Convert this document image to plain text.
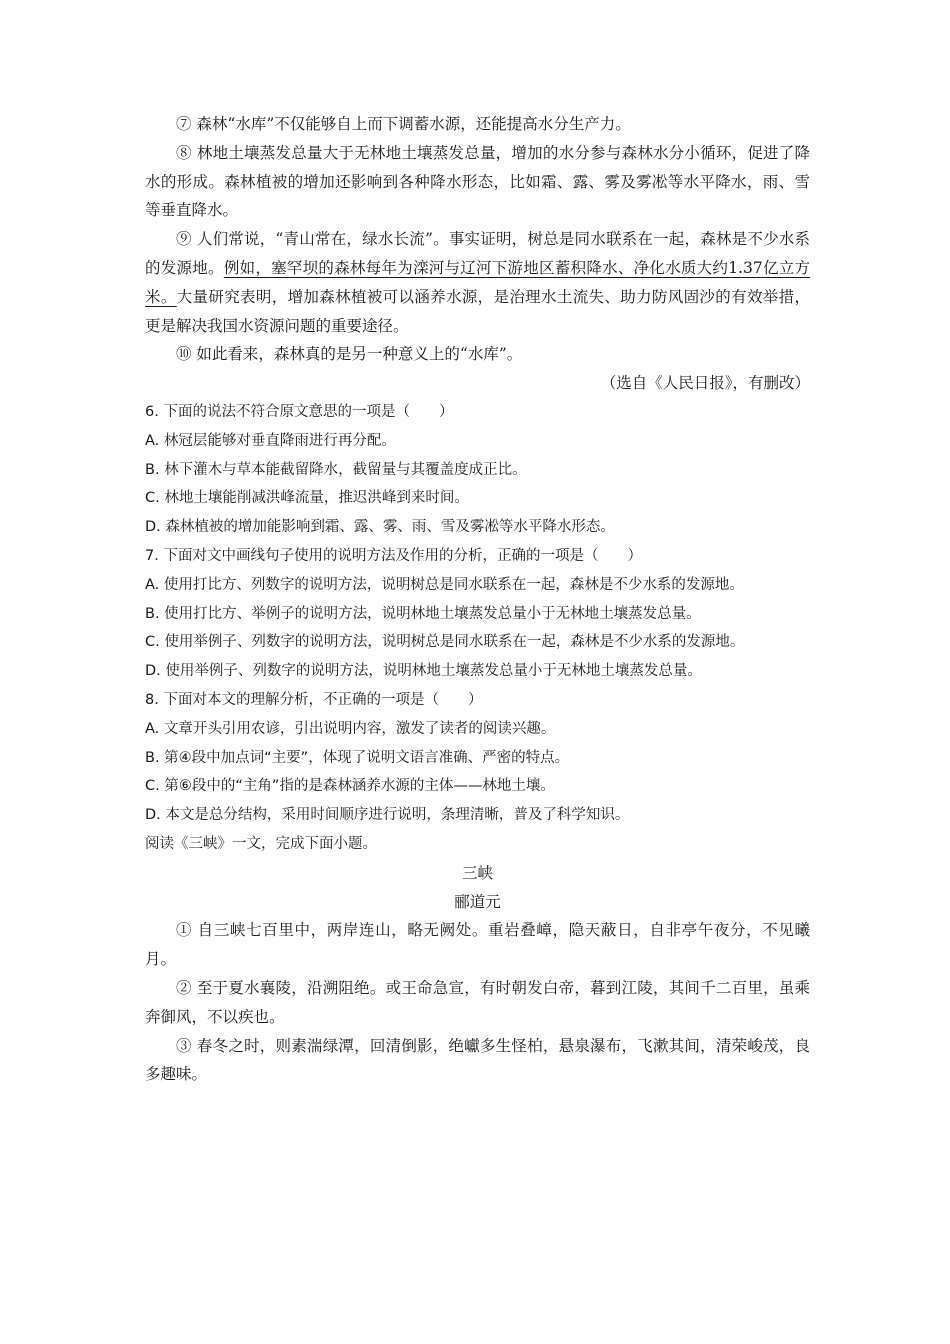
⑦ 森林“水库”不仅能够自上而下调蓄水源，还能提高水分生产力。

⑧ 林地土壤蒸发总量大于无林地土壤蒸发总量，增加的水分参与森林水分小循环，促进了降水的形成。森林植被的增加还影响到各种降水形态，比如霜、露、雾及雾凇等水平降水，雨、雪等垂直降水。

⑨ 人们常说，“青山常在，绿水长流”。事实证明，树总是同水联系在一起，森林是不少水系的发源地。例如，塞罕坝的森林每年为滦河与辽河下游地区蓄积降水、净化水质大约1.37亿立方米。大量研究表明，增加森林植被可以涵养水源，是治理水土流失、助力防风固沙的有效举措，更是解决我国水资源问题的重要途径。

⑩ 如此看来，森林真的是另一种意义上的“水库”。

（选自《人民日报》，有删改）

6. 下面的说法不符合原文意思的一项是（　　）

A. 林冠层能够对垂直降雨进行再分配。

B. 林下灌木与草本能截留降水，截留量与其覆盖度成正比。

C. 林地土壤能削减洪峰流量，推迟洪峰到来时间。

D. 森林植被的增加能影响到霜、露、雾、雨、雪及雾凇等水平降水形态。

7. 下面对文中画线句子使用的说明方法及作用的分析，正确的一项是（　　）

A. 使用打比方、列数字的说明方法，说明树总是同水联系在一起，森林是不少水系的发源地。

B. 使用打比方、举例子的说明方法，说明林地土壤蒸发总量小于无林地土壤蒸发总量。

C. 使用举例子、列数字的说明方法，说明树总是同水联系在一起，森林是不少水系的发源地。

D. 使用举例子、列数字的说明方法，说明林地土壤蒸发总量小于无林地土壤蒸发总量。

8. 下面对本文的理解分析，不正确的一项是（　　）

A. 文章开头引用农谚，引出说明内容，激发了读者的阅读兴趣。

B. 第④段中加点词“主要”，体现了说明文语言准确、严密的特点。

C. 第⑥段中的“主角”指的是森林涵养水源的主体——林地土壤。

D. 本文是总分结构，采用时间顺序进行说明，条理清晰，普及了科学知识。

阅读《三峡》一文，完成下面小题。

三峡

郦道元

① 自三峡七百里中，两岸连山，略无阙处。重岩叠嶂，隐天蔽日，自非亭午夜分，不见曦月。

② 至于夏水襄陵，沿溯阻绝。或王命急宣，有时朝发白帝，暮到江陵，其间千二百里，虽乘奔御风，不以疾也。

③ 春冬之时，则素湍绿潭，回清倒影，绝巘多生怪柏，悬泉瀑布，飞漱其间，清荣峻茂，良多趣味。
